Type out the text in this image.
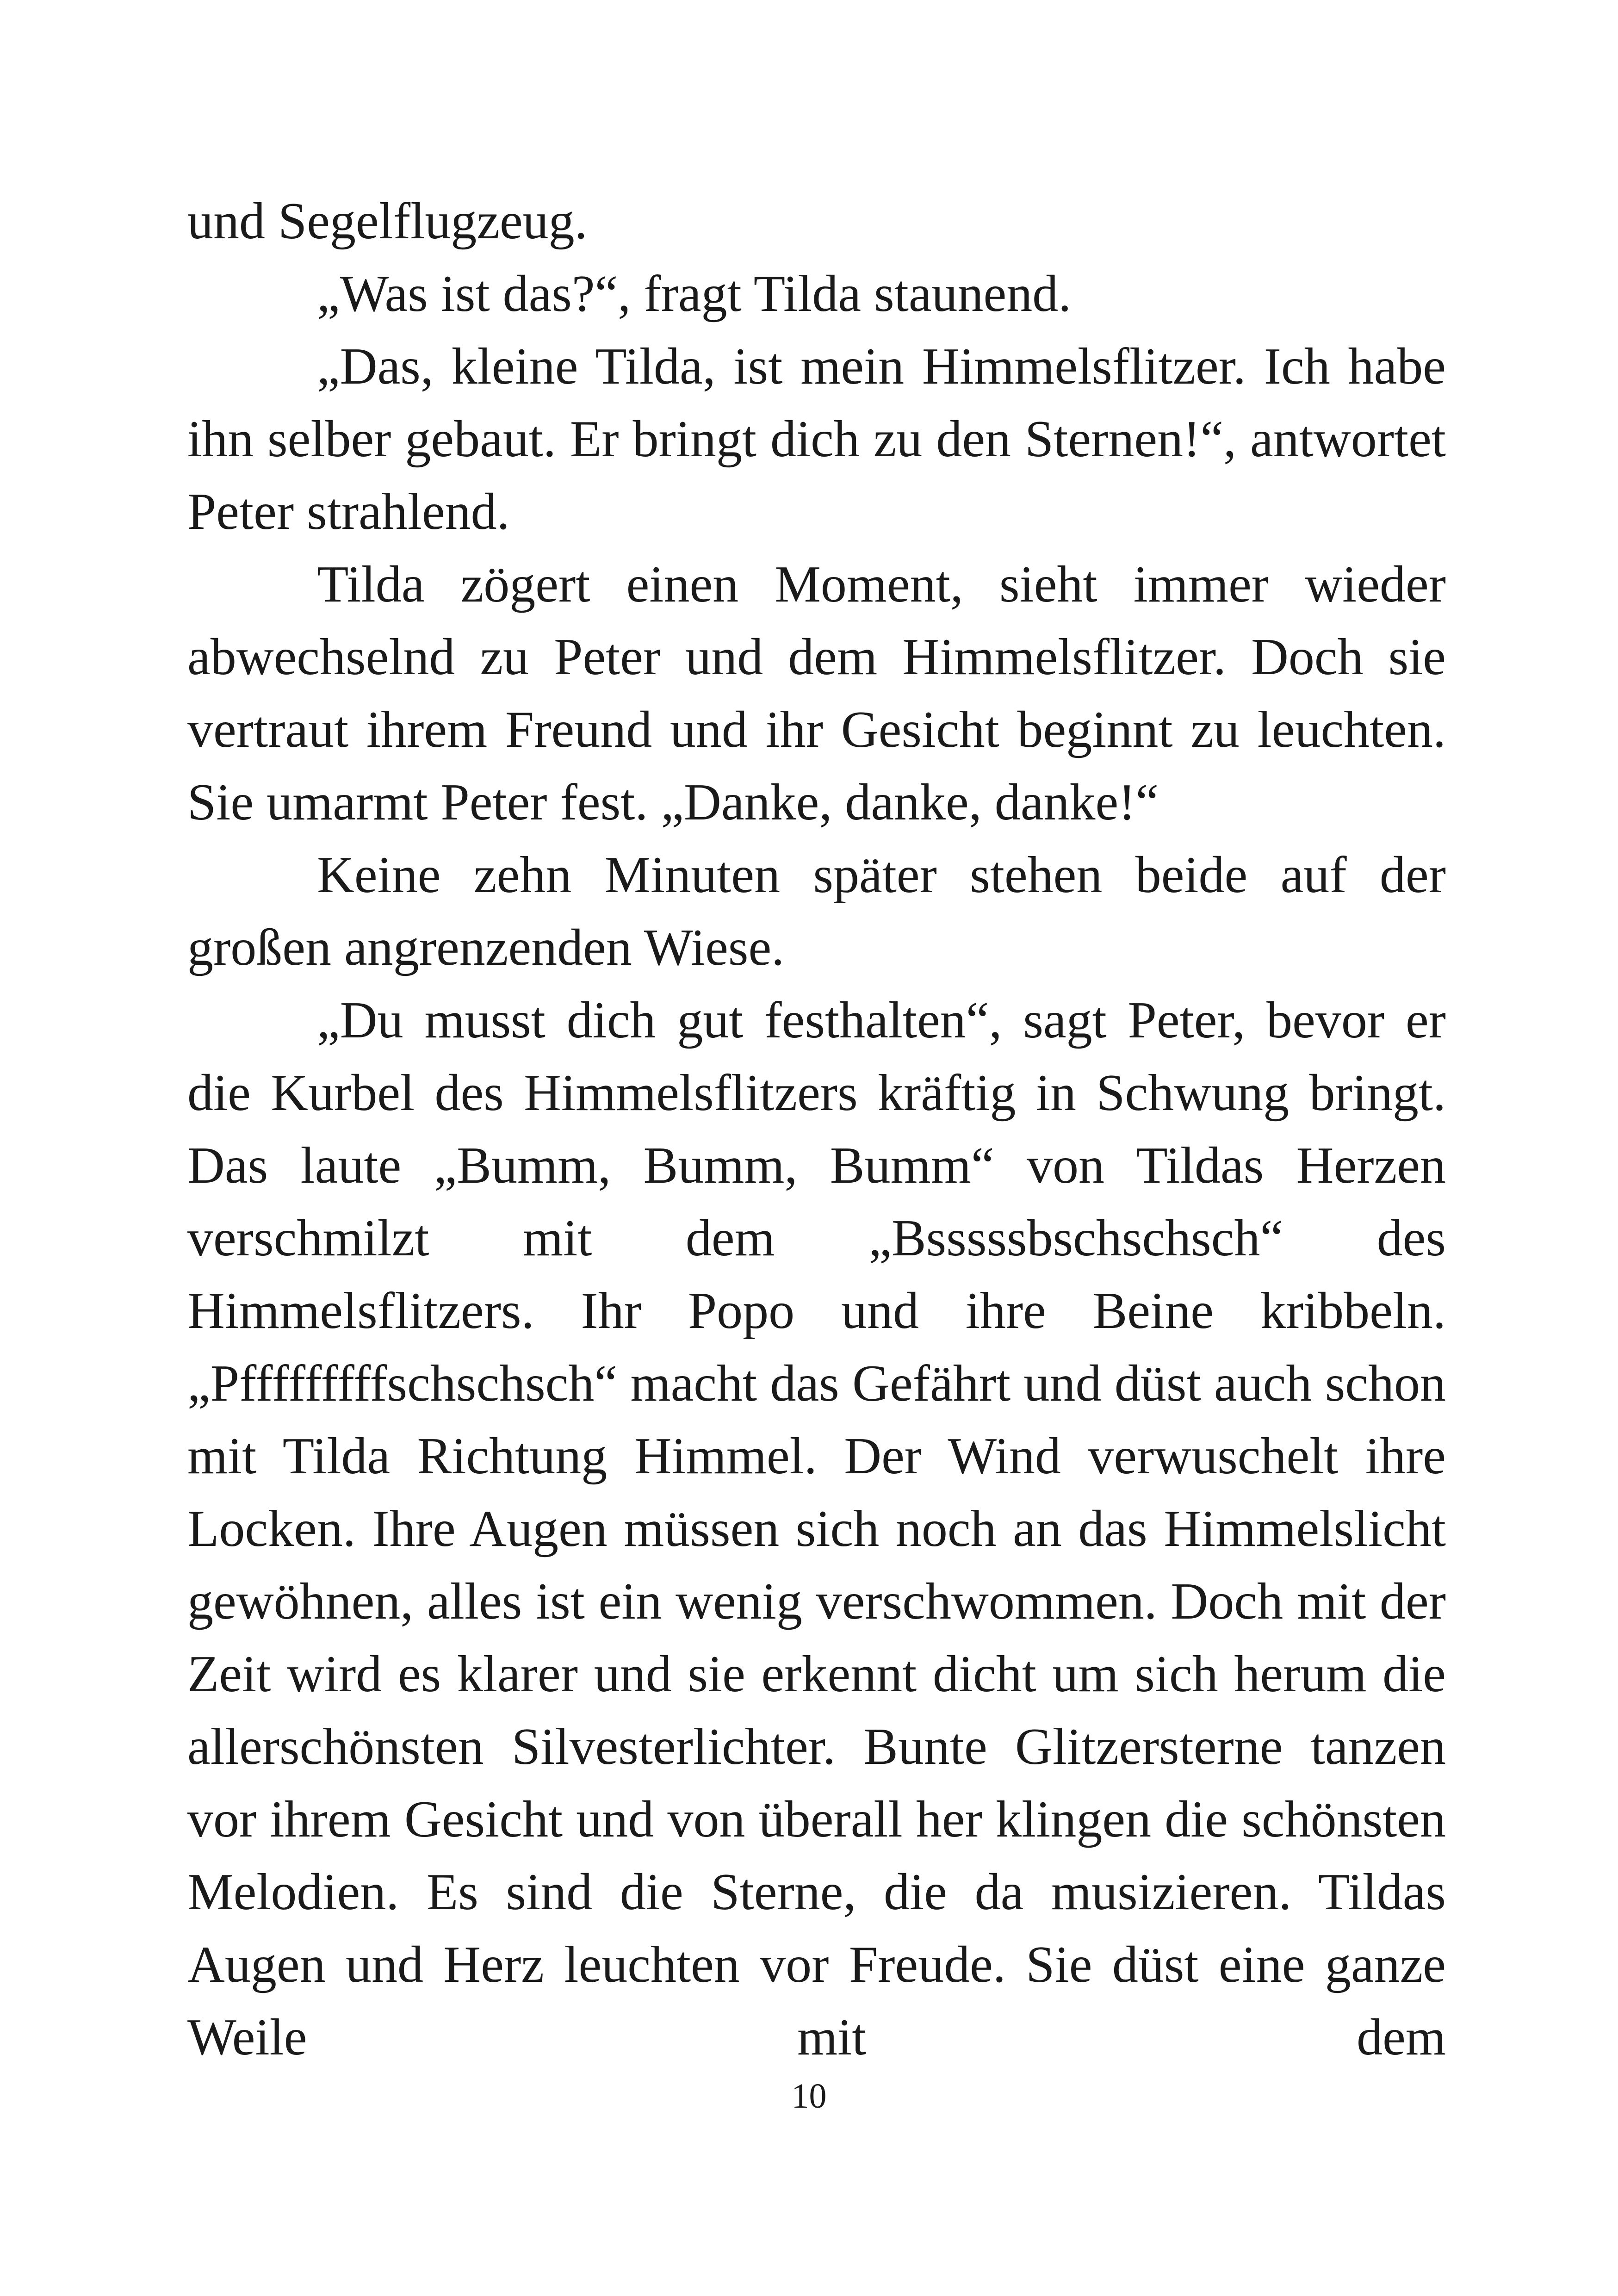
und Segelflugzeug.

„Was ist das?“, fragt Tilda staunend.

„Das, kleine Tilda, ist mein Himmelsflitzer. Ich habe ihn selber gebaut. Er bringt dich zu den Sternen!“, antwortet Peter strahlend.

Tilda zögert einen Moment, sieht immer wieder abwechselnd zu Peter und dem Himmelsflitzer. Doch sie vertraut ihrem Freund und ihr Gesicht beginnt zu leuchten. Sie umarmt Peter fest. „Danke, danke, danke!“

Keine zehn Minuten später stehen beide auf der großen angrenzenden Wiese.

„Du musst dich gut festhalten“, sagt Peter, bevor er die Kurbel des Himmelsflitzers kräftig in Schwung bringt. Das laute „Bumm, Bumm, Bumm“ von Tildas Herzen verschmilzt mit dem „Bsssssbschschsch“ des Himmelsflitzers. Ihr Popo und ihre Beine kribbeln. „Pfffffffffschschsch“ macht das Gefährt und düst auch schon mit Tilda Richtung Himmel. Der Wind verwuschelt ihre Locken. Ihre Augen müssen sich noch an das Himmelslicht gewöhnen, alles ist ein wenig verschwommen. Doch mit der Zeit wird es klarer und sie erkennt dicht um sich herum die allerschönsten Silvesterlichter. Bunte Glitzersterne tanzen vor ihrem Gesicht und von überall her klingen die schönsten Melodien. Es sind die Sterne, die da musizieren. Tildas Augen und Herz leuchten vor Freude. Sie düst eine ganze Weile mit dem

10
